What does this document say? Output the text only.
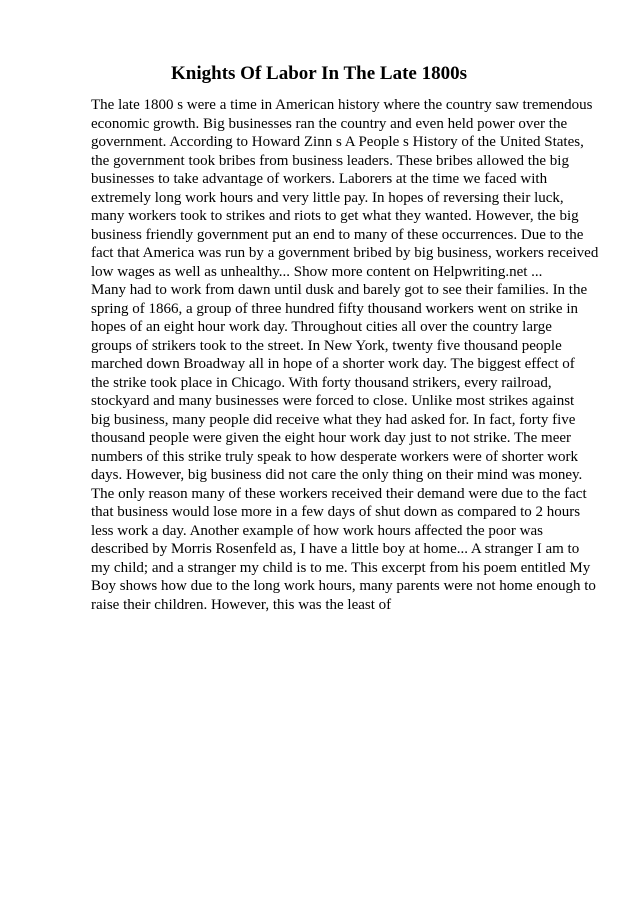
Knights Of Labor In The Late 1800s
The late 1800 s were a time in American history where the country saw tremendous
economic growth. Big businesses ran the country and even held power over the
government. According to Howard Zinn s A People s History of the United States,
the government took bribes from business leaders. These bribes allowed the big
businesses to take advantage of workers. Laborers at the time we faced with
extremely long work hours and very little pay. In hopes of reversing their luck,
many workers took to strikes and riots to get what they wanted. However, the big
business friendly government put an end to many of these occurrences. Due to the
fact that America was run by a government bribed by big business, workers received
low wages as well as unhealthy... Show more content on Helpwriting.net ...
Many had to work from dawn until dusk and barely got to see their families. In the
spring of 1866, a group of three hundred fifty thousand workers went on strike in
hopes of an eight hour work day. Throughout cities all over the country large
groups of strikers took to the street. In New York, twenty five thousand people
marched down Broadway all in hope of a shorter work day. The biggest effect of
the strike took place in Chicago. With forty thousand strikers, every railroad,
stockyard and many businesses were forced to close. Unlike most strikes against
big business, many people did receive what they had asked for. In fact, forty five
thousand people were given the eight hour work day just to not strike. The meer
numbers of this strike truly speak to how desperate workers were of shorter work
days. However, big business did not care the only thing on their mind was money.
The only reason many of these workers received their demand were due to the fact
that business would lose more in a few days of shut down as compared to 2 hours
less work a day. Another example of how work hours affected the poor was
described by Morris Rosenfeld as, I have a little boy at home... A stranger I am to
my child; and a stranger my child is to me. This excerpt from his poem entitled My
Boy shows how due to the long work hours, many parents were not home enough to
raise their children. However, this was the least of
